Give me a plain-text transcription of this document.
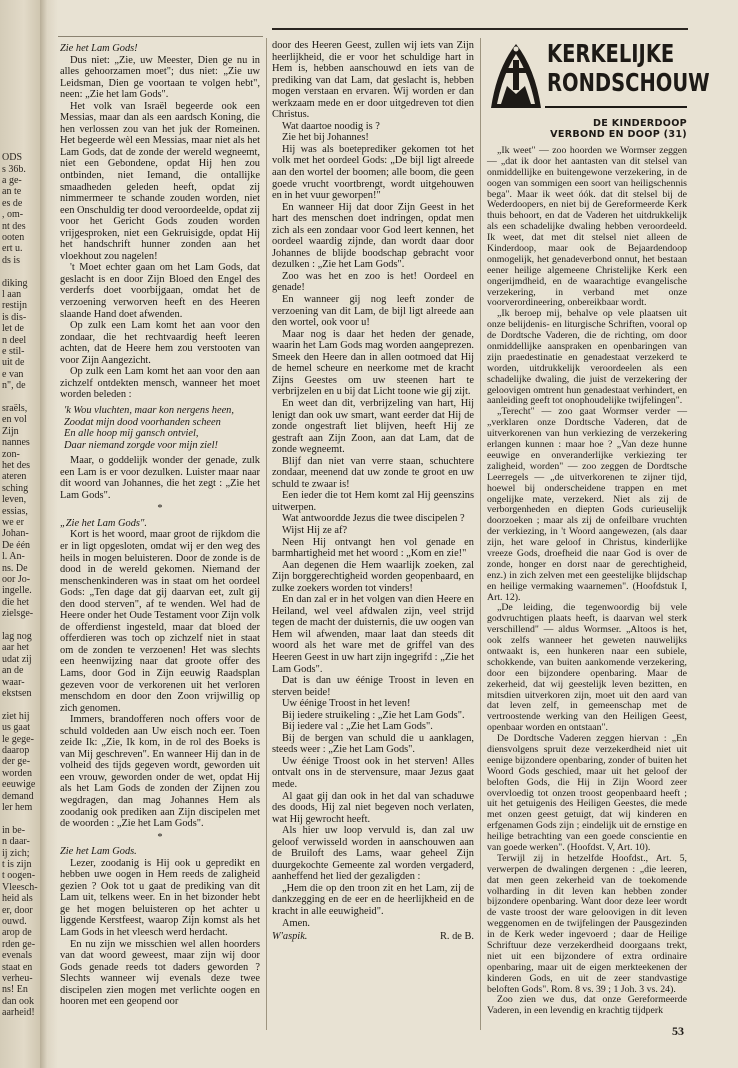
ODS
s 36b.
a ge-
an te
es de
, om-
nt des
ooten
ert u.
ds is
diking
l aan
restijn
is dis-
let de
n deel
e stil-
uit de
e van
n", de
sraëls,
en vol
Zijn
nannes
zon-
het des
ateren
sching
leven,
essias,
we er
Johan-
De één
l. An-
ns. De
oor Jo-
ingelle.
die het
zielsge-
lag nog
aar het
udat zij
an de
waar-
ekstsen
ziet hij
us gaat
le gege-
daarop
der ge-
worden
eeuwige
demand
ler hem
in be-
n daar-
ij zich;
t is zijn
t oogen-
Vleesch-
heid als
er, door
ouwd.
arop de
rden ge-
evenals
staat en
verheu-
ns! En
dan ook
aarheid!

Zie het Lam Gods!

Dus niet: „Zie, uw Meester, Dien ge nu in alles gehoorzamen moet"; dus niet: „Zie uw Leidsman, Dien ge voortaan te volgen hebt", neen: „Zie het lam Gods".

Het volk van Israël begeerde ook een Messias, maar dan als een aardsch Koning, die hen verlossen zou van het juk der Romeinen. Het begeerde wèl een Messias, maar niet als het Lam Gods, dat de zonde der wereld wegneemt, niet een Gebondene, opdat Hij hen zou ontbinden, niet Iemand, die ontallijke smaadheden geleden heeft, opdat zij nimmermeer te schande zouden worden, niet een Onschuldig ter dood veroordeelde, opdat zij voor het Gericht Gods zouden worden vrijgesproken, niet een Gekruisigde, opdat Hij het handschrift hunner zonden aan het vloekhout zou nagelen!

't Moet echter gaan om het Lam Gods, dat geslacht is en door Zijn Bloed den Engel des verderfs doet voorbijgaan, omdat het de verzoening verworven heeft en des Heeren slaande Hand doet afwenden.

Op zulk een Lam komt het aan voor den zondaar, die het rechtvaardig heeft leeren achten, dat de Heere hem zou verstooten van voor Zijn Aangezicht.

Op zulk een Lam komt het aan voor den aan zichzelf ontdekten mensch, wanneer het moet worden beleden :

'k Wou vluchten, maar kon nergens heen,
Zoodat mijn dood voorhanden scheen
En alle hoop mij gansch ontviel,
Daar niemand zorgde voor mijn ziel!

Maar, o goddelijk wonder der genade, zulk een Lam is er voor dezulken. Luister maar naar dit woord van Johannes, die het zegt : „Zie het Lam Gods".

*

„Zie het Lam Gods".

Kort is het woord, maar groot de rijkdom die er in ligt opgesloten, omdat wij er den weg des heils in mogen beluisteren. Door de zonde is de dood in de wereld gekomen. Niemand der menschenkinderen was in staat om het oordeel Gods: „Ten dage dat gij daarvan eet, zult gij den dood sterven", af te wenden. Wel had de Heere onder het Oude Testament voor Zijn volk de offerdienst ingesteld, maar dat bloed der offerdieren was toch op zichzelf niet in staat om de zonden te verzoenen! Het was slechts een heenwijzing naar dat groote offer des Lams, door God in Zijn eeuwig Raadsplan gezeven voor de verkorenen uit het verloren menschdom en door den Zoon vrijwillig op zich genomen.

Immers, brandofferen noch offers voor de schuld voldeden aan Uw eisch noch eer. Toen zeide Ik: „Zie, Ik kom, in de rol des Boeks is van Mij geschreven". En wanneer Hij dan in de volheid des tijds gegeven wordt, geworden uit een vrouw, geworden onder de wet, opdat Hij als het Lam Gods de zonden der Zijnen zou wegdragen, dan mag Johannes Hem als zoodanig ook prediken aan Zijn discipelen met de woorden : „Zie het Lam Gods".

*

Zie het Lam Gods.

Lezer, zoodanig is Hij ook u gepredikt en hebben uwe oogen in Hem reeds de zaligheid gezien ? Ook tot u gaat de prediking van dit Lam uit, telkens weer. En in het bizonder hebt ge het mogen beluisteren op het achter u liggende Kerstfeest, waarop Zijn komst als het Lam Gods in het vleesch werd herdacht.

En nu zijn we misschien wel allen hoorders van dat woord geweest, maar zijn wij door Gods genade reeds tot daders geworden ? Slechts wanneer wij evenals deze twee discipelen zien mogen met verlichte oogen en hooren met een geopend oor

door des Heeren Geest, zullen wij iets van Zijn heerlijkheid, die er voor het schuldige hart in Hem is, hebben aanschouwd en iets van de prediking van dat Lam, dat geslacht is, hebben mogen verstaan en ervaren. Wij worden er dan werkzaam mede en er door uitgedreven tot dien Christus.

Wat daartoe noodig is ?

Zie het bij Johannes!

Hij was als boeteprediker gekomen tot het volk met het oordeel Gods: „De bijl ligt alreede aan den wortel der boomen; alle boom, die geen goede vrucht voortbrengt, wordt uitgehouwen en in het vuur geworpen!"

En wanneer Hij dat door Zijn Geest in het hart des menschen doet indringen, opdat men zich als een zondaar voor God leert kennen, het oordeel waardig zijnde, dan wordt daar door Johannes de blijde boodschap gebracht voor dezulken : „Zie het Lam Gods".

Zoo was het en zoo is het! Oordeel en genade!

En wanneer gij nog leeft zonder de verzoening van dit Lam, de bijl ligt alreede aan den wortel, ook voor u!

Maar nog is daar het heden der genade, waarin het Lam Gods mag worden aangeprezen. Smeek den Heere dan in allen ootmoed dat Hij de hemel scheure en neerkome met de kracht Zijns Geestes om uw steenen hart te verbrijzelen en u bij dat Licht toone wie gij zijt.

En weet dan dit, verbrijzeling van hart, Hij lenigt dan ook uw smart, want eerder dat Hij de zonde ongestraft liet blijven, heeft Hij ze gestraft aan Zijn Zoon, aan dat Lam, dat de zonde wegneemt.

Blijf dan niet van verre staan, schuchtere zondaar, meenend dat uw zonde te groot en uw schuld te zwaar is!

Een ieder die tot Hem komt zal Hij geenszins uitwerpen.

Wat antwoordde Jezus die twee discipelen ?

Wijst Hij ze af?

Neen Hij ontvangt hen vol genade en barmhartigheid met het woord : „Kom en zie!"

Aan degenen die Hem waarlijk zoeken, zal Zijn borggerechtigheid worden geopenbaard, en zulke zoekers worden tot vinders!

En dan zal er in het volgen van dien Heere en Heiland, wel veel afdwalen zijn, veel strijd tegen de macht der duisternis, die uw oogen van Hem wil afwenden, maar laat dan steeds dit woord als het ware met de griffel van des Heeren Geest in uw hart zijn ingegrifd : „Zie het Lam Gods".

Dat is dan uw éénige Troost in leven en sterven beide!

Uw éénige Troost in het leven!

Bij iedere struikeling : „Zie het Lam Gods".

Bij iedere val : „Zie het Lam Gods".

Bij de bergen van schuld die u aanklagen, steeds weer : „Zie het Lam Gods".

Uw éénige Troost ook in het sterven! Alles ontvalt ons in de stervensure, maar Jezus gaat mede.

Al gaat gij dan ook in het dal van schaduwe des doods, Hij zal niet begeven noch verlaten, wat Hij gewrocht heeft.

Als hier uw loop vervuld is, dan zal uw geloof verwisseld worden in aanschouwen aan de Bruiloft des Lams, waar geheel Zijn duurgekochte Gemeente zal worden vergaderd, aanheffend het lied der gezaligden :

„Hem die op den troon zit en het Lam, zij de dankzegging en de eer en de heerlijkheid en de kracht in alle eeuwigheid".

Amen.

W'aspik.	R. de B.
KERKELIJKE
RONDSCHOUW
DE KINDERDOOP
VERBOND EN DOOP (31)

„Ik weet" — zoo hoorden we Wormser zeggen — „dat ik door het aantasten van dit stelsel van onmiddellijke en buitengewone verzekering, in de oogen van sommigen een soort van heiligschennis bega". Maar ik weet óók. dat dit stelsel bij de Wederdoopers, en niet bij de Gereformeerde Kerk thuis behoort, en dat de Vaderen het uitdrukkelijk als een schadelijke dwaling hebben veroordeeld. Ik weet, dat met dit stelsel niet alleen de Kinderdoop, maar ook de Bejaardendoop onmogelijk, het genadeverbond onnut, het bestaan eener heilige algemeene Christelijke Kerk een ongerijmdheid, en de waarachtige evangelische verzekering, in verband met onze voorverordineering, onbereikbaar wordt.

„Ik beroep mij, behalve op vele plaatsen uit onze belijdenis- en liturgische Schriften, vooral op de Dordtsche Vaderen, die de richting, om door onmiddellijke aanspraken en openbaringen van zijn praedestinatie en genadestaat verzekerd te worden, uitdrukkelijk veroordeelen als een schadelijke dwaling, die juist de verzekering der geloovigen omtrent hun genadestaat verhindert, en aanleiding geeft tot onophoudelijke twijfelingen".

„Terecht" — zoo gaat Wormser verder — „verklaren onze Dordtsche Vaderen, dat de uitverkorenen van hun verkiezing de verzekering erlangen kunnen : maar hoe ? „Van deze hunne eeuwige en onveranderlijke verkiezing ter zaligheid, worden" — zoo zeggen de Dordtsche Leerregels — „de uitverkorenen te zijner tijd, hoewel bij onderscheidene trappen en met ongelijke mate, verzekerd. Niet als zij de verborgenheden en diepten Gods curieuselijk doorzoeken ; maar als zij de onfeilbare vruchten der verkiezing, in 't Woord aangewezen, (als daar zijn, het ware geloof in Christus, kinderlijke vreeze Gods, droefheid die naar God is over de zonde, honger en dorst naar de gerechtigheid, enz.) in zich zelven met een geestelijke blijdschap en heilige vermaking waarnemen". (Hoofdstuk I, Art. 12).

„De leiding, die tegenwoordig bij vele godvruchtigen plaats heeft, is daarvan wel sterk verschillend" — aldus Wormser. „Altoos is het, ook zelfs wanneer het geweten nauwelijks ontwaakt is, een hunkeren naar een subiele, schokkende, van buiten aankomende verzekering, door een bijzondere openbaring. Maar de zekerheid, dat wij geestelijk leven bezitten, en mitsdien uitverkoren zijn, moet uit den aard van dat leven zelf, in gemeenschap met de vertroostende werking van den Heiligen Geest, openbaar worden en ontstaan".

De Dordtsche Vaderen zeggen hiervan : „En diensvolgens spruit deze verzekerdheid niet uit eenige bijzondere openbaring, zonder of buiten het Woord Gods geschied, maar uit het geloof der beloften Gods, die Hij in Zijn Woord zeer overvloedig tot onzen troost geopenbaard heeft ; uit het getuigenis des Heiligen Geestes, die mede met onzen geest getuigt, dat wij kinderen en erfgenamen Gods zijn ; eindelijk uit de ernstige en heilige betrachting van een goede conscientie en van goede werken". (Hoofdst. V, Art. 10).

Terwijl zij in hetzelfde Hoofdst., Art. 5, verwerpen de dwalingen dergenen : „die leeren, dat men geen zekerheid van de toekomende volharding in dit leven kan hebben zonder bijzondere openbaring. Want door deze leer wordt de vaste troost der ware geloovigen in dit leven weggenomen en de twijfelingen der Pausgezinden in de Kerk weder ingevoerd ; daar de Heilige Schriftuur deze verzekerdheid doorgaans trekt, niet uit een bijzondere of extra ordinaire openbaring, maar uit de eigen merkteekenen der kinderen Gods, en uit de zeer standvastige beloften Gods". Rom. 8 vs. 39 ; 1 Joh. 3 vs. 24).

Zoo zien we dus, dat onze Gereformeerde Vaderen, in een levendig en krachtig tijdperk

53
